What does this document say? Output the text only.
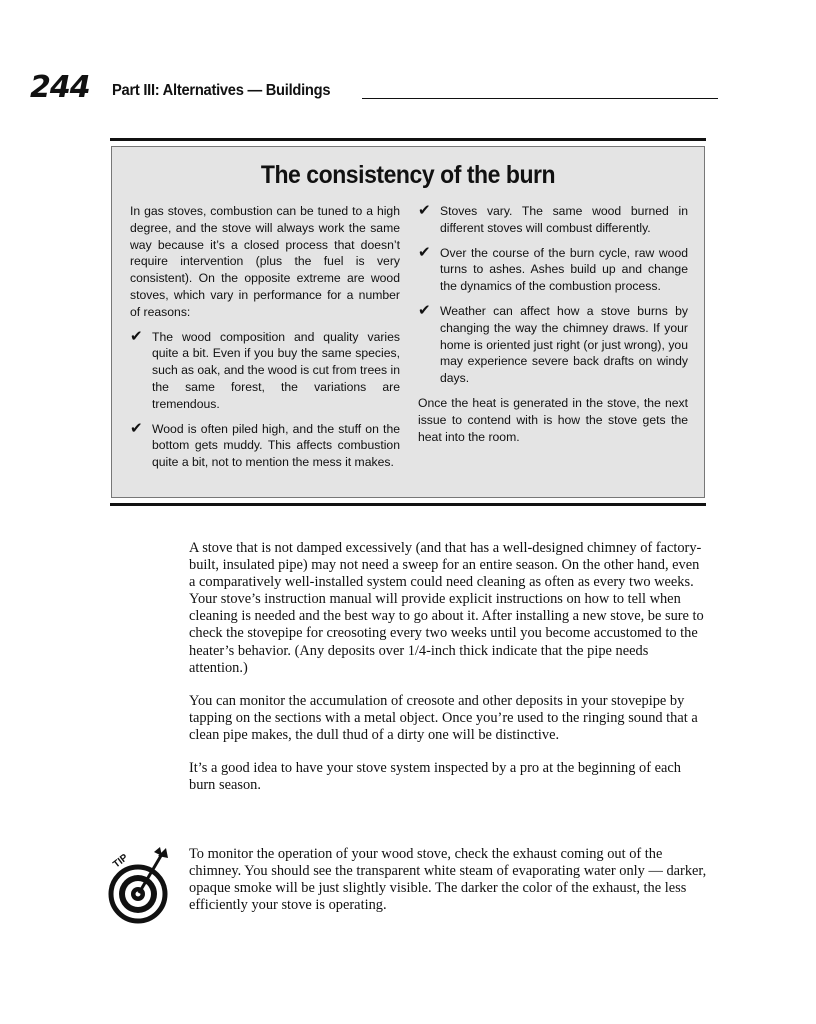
244 Part III: Alternatives — Buildings
The consistency of the burn

In gas stoves, combustion can be tuned to a high degree, and the stove will always work the same way because it’s a closed process that doesn’t require intervention (plus the fuel is very consistent). On the opposite extreme are wood stoves, which vary in performance for a number of reasons:

✔ The wood composition and quality varies quite a bit. Even if you buy the same species, such as oak, and the wood is cut from trees in the same forest, the variations are tremendous.
✔ Wood is often piled high, and the stuff on the bottom gets muddy. This affects combustion quite a bit, not to mention the mess it makes.
✔ Stoves vary. The same wood burned in different stoves will combust differently.
✔ Over the course of the burn cycle, raw wood turns to ashes. Ashes build up and change the dynamics of the combustion process.
✔ Weather can affect how a stove burns by changing the way the chimney draws. If your home is oriented just right (or just wrong), you may experience severe back drafts on windy days.

Once the heat is generated in the stove, the next issue to contend with is how the stove gets the heat into the room.

A stove that is not damped excessively (and that has a well-designed chimney of factory-built, insulated pipe) may not need a sweep for an entire season. On the other hand, even a comparatively well-installed system could need cleaning as often as every two weeks. Your stove’s instruction manual will provide explicit instructions on how to tell when cleaning is needed and the best way to go about it. After installing a new stove, be sure to check the stovepipe for creosoting every two weeks until you become accustomed to the heater’s behavior. (Any deposits over 1/4-inch thick indicate that the pipe needs attention.)

You can monitor the accumulation of creosote and other deposits in your stovepipe by tapping on the sections with a metal object. Once you’re used to the ringing sound that a clean pipe makes, the dull thud of a dirty one will be distinctive.

It’s a good idea to have your stove system inspected by a pro at the beginning of each burn season.

TIP	To monitor the operation of your wood stove, check the exhaust coming out of the chimney. You should see the transparent white steam of evaporating water only — darker, opaque smoke will be just slightly visible. The darker the color of the exhaust, the less efficiently your stove is operating.
